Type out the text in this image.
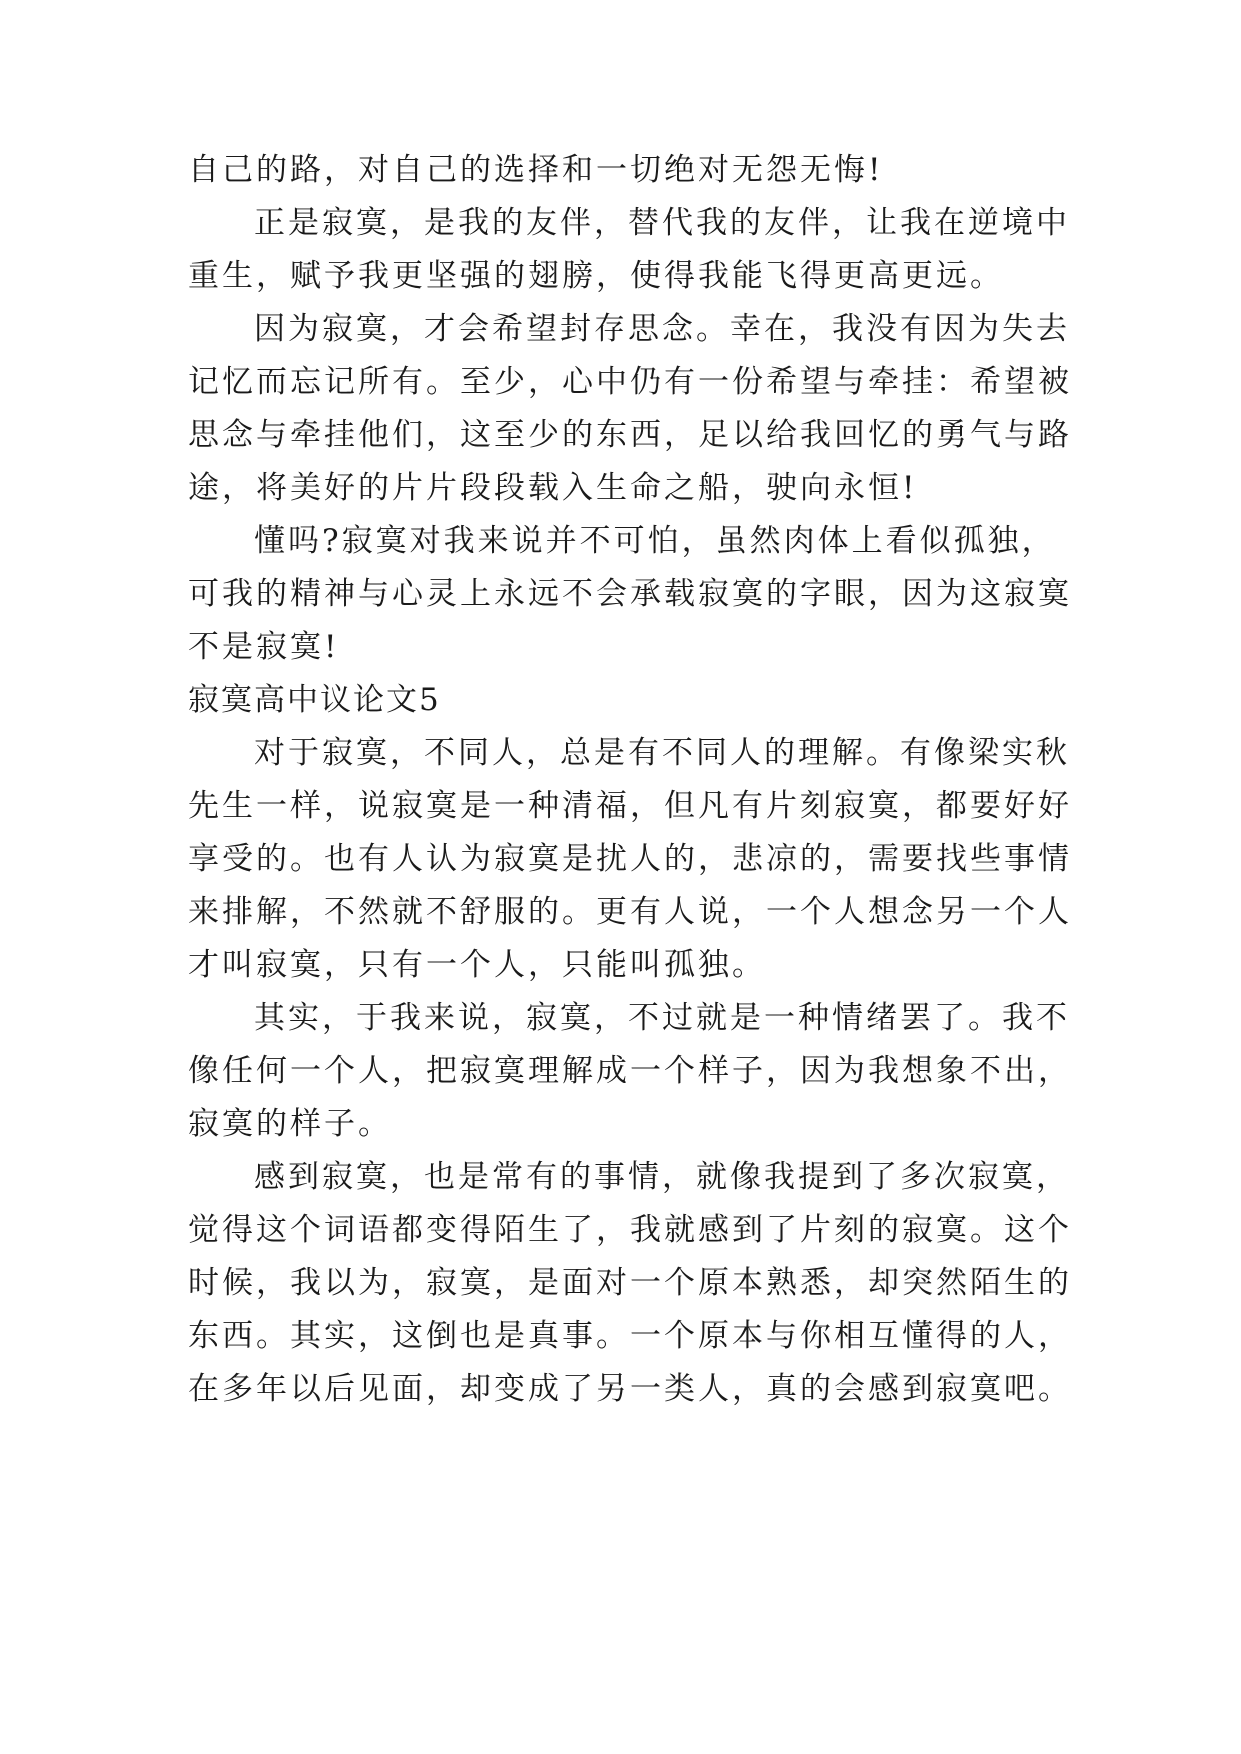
自己的路，对自己的选择和一切绝对无怨无悔!
正是寂寞，是我的友伴，替代我的友伴，让我在逆境中
重生，赋予我更坚强的翅膀，使得我能飞得更高更远。
因为寂寞，才会希望封存思念。幸在，我没有因为失去
记忆而忘记所有。至少，心中仍有一份希望与牵挂：希望被
思念与牵挂他们，这至少的东西，足以给我回忆的勇气与路
途，将美好的片片段段载入生命之船，驶向永恒!
懂吗?寂寞对我来说并不可怕，虽然肉体上看似孤独，
可我的精神与心灵上永远不会承载寂寞的字眼，因为这寂寞
不是寂寞!
寂寞高中议论文5
对于寂寞，不同人，总是有不同人的理解。有像梁实秋
先生一样，说寂寞是一种清福，但凡有片刻寂寞，都要好好
享受的。也有人认为寂寞是扰人的，悲凉的，需要找些事情
来排解，不然就不舒服的。更有人说，一个人想念另一个人
才叫寂寞，只有一个人，只能叫孤独。
其实，于我来说，寂寞，不过就是一种情绪罢了。我不
像任何一个人，把寂寞理解成一个样子，因为我想象不出，
寂寞的样子。
感到寂寞，也是常有的事情，就像我提到了多次寂寞，
觉得这个词语都变得陌生了，我就感到了片刻的寂寞。这个
时候，我以为，寂寞，是面对一个原本熟悉，却突然陌生的
东西。其实，这倒也是真事。一个原本与你相互懂得的人，
在多年以后见面，却变成了另一类人，真的会感到寂寞吧。
